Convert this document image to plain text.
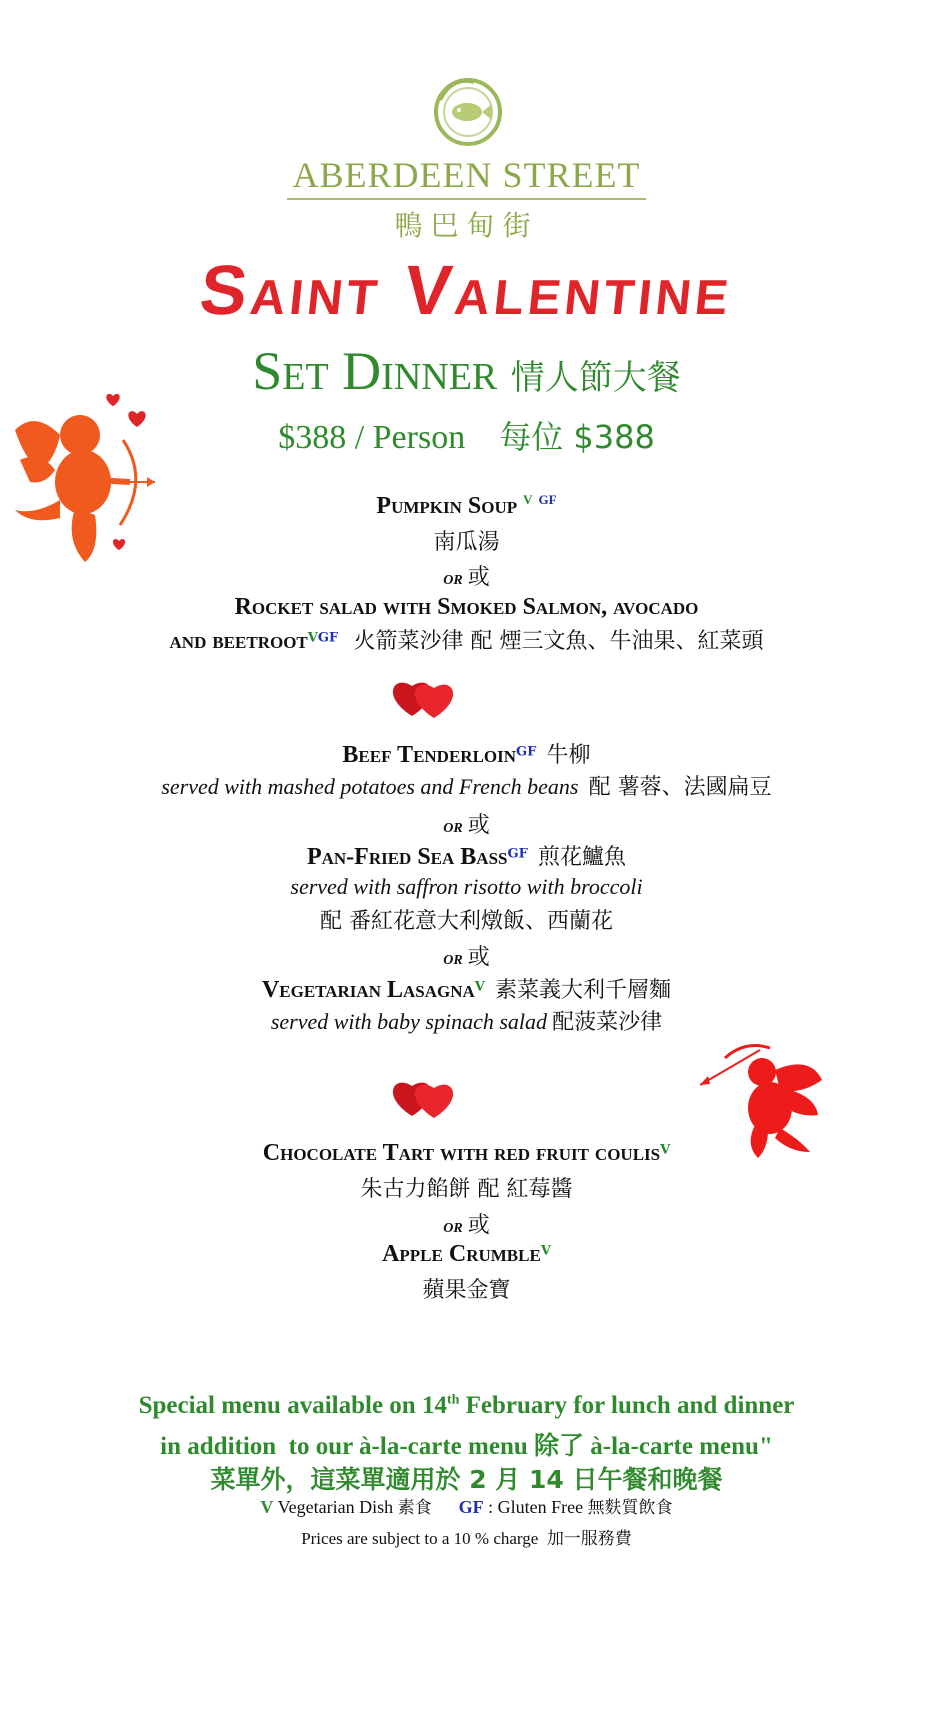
ABERDEEN STREET
鴨巴甸街
Saint Valentine
Set Dinner 情人節大餐
$388 / Person 每位 $388
Pumpkin Soup $^V$ $^{GF}$
南瓜湯
or 或
Rocket salad with Smoked Salmon, avocado
and beetroot$^{VGF}$ 火箭菜沙律 配 煙三文魚、牛油果、紅菜頭
Beef Tenderloin$^{GF}$ 牛柳
served with mashed potatoes and French beans 配 薯蓉、法國扁豆
or 或
Pan-Fried Sea Bass$^{GF}$ 煎花鱸魚
served with saffron risotto with broccoli
配 番紅花意大利燉飯、西蘭花
or 或
Vegetarian Lasagna$^V$ 素菜義大利千層麵
served with baby spinach salad 配菠菜沙律
Chocolate Tart with red fruit coulis$^V$
朱古力餡餅 配 紅莓醬
or 或
Apple Crumble$^V$
蘋果金寶
Special menu available on 14th February for lunch and dinner
in addition  to our à-la-carte menu 除了 à-la-carte menu"
菜單外，這菜單適用於 2 月 14 日午餐和晚餐
V Vegetarian Dish 素食 GF : Gluten Free 無麩質飲食
Prices are subject to a 10 % charge 加一服務費
